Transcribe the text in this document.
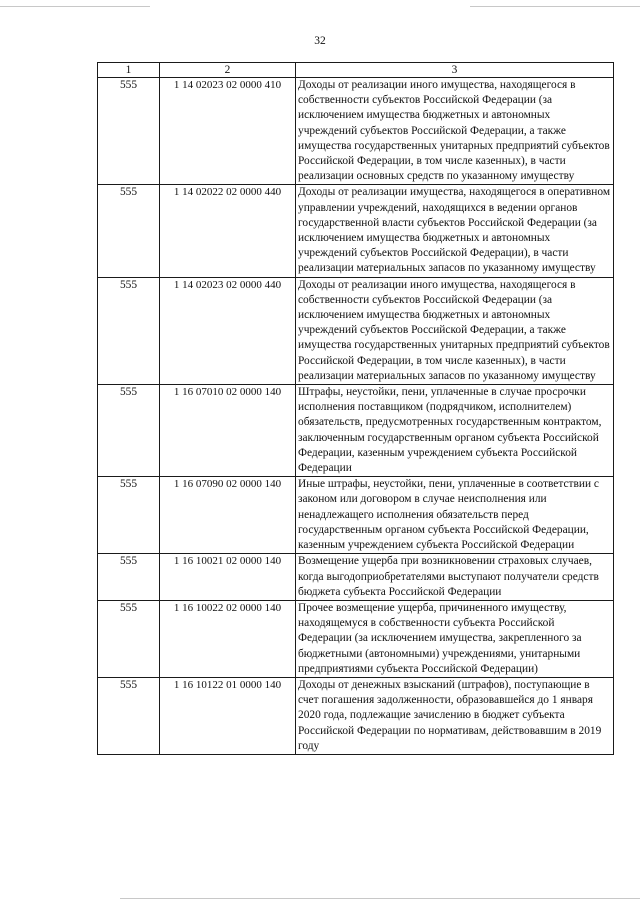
32
1	2	3
555	1 14 02023 02 0000 410	Доходы от реализации иного имущества, находящегося в собственности субъектов Российской Федерации (за исключением имущества бюджетных и автономных учреждений субъектов Российской Федерации, а также имущества государственных унитарных предприятий субъектов Российской Федерации, в том числе казенных), в части реализации основных средств по указанному имуществу
555	1 14 02022 02 0000 440	Доходы от реализации имущества, находящегося в оперативном управлении учреждений, находящихся в ведении органов государственной власти субъектов Российской Федерации (за исключением имущества бюджетных и автономных учреждений субъектов Российской Федерации), в части реализации материальных запасов по указанному имуществу
555	1 14 02023 02 0000 440	Доходы от реализации иного имущества, находящегося в собственности субъектов Российской Федерации (за исключением имущества бюджетных и автономных учреждений субъектов Российской Федерации, а также имущества государственных унитарных предприятий субъектов Российской Федерации, в том числе казенных), в части реализации материальных запасов по указанному имуществу
555	1 16 07010 02 0000 140	Штрафы, неустойки, пени, уплаченные в случае просрочки исполнения поставщиком (подрядчиком, исполнителем) обязательств, предусмотренных государственным контрактом, заключенным государственным органом субъекта Российской Федерации, казенным учреждением субъекта Российской Федерации
555	1 16 07090 02 0000 140	Иные штрафы, неустойки, пени, уплаченные в соответствии с законом или договором в случае неисполнения или ненадлежащего исполнения обязательств перед государственным органом субъекта Российской Федерации, казенным учреждением субъекта Российской Федерации
555	1 16 10021 02 0000 140	Возмещение ущерба при возникновении страховых случаев, когда выгодоприобретателями выступают получатели средств бюджета субъекта Российской Федерации
555	1 16 10022 02 0000 140	Прочее возмещение ущерба, причиненного имуществу, находящемуся в собственности субъекта Российской Федерации (за исключением имущества, закрепленного за бюджетными (автономными) учреждениями, унитарными предприятиями субъекта Российской Федерации)
555	1 16 10122 01 0000 140	Доходы от денежных взысканий (штрафов), поступающие в счет погашения задолженности, образовавшейся до 1 января 2020 года, подлежащие зачислению в бюджет субъекта Российской Федерации по нормативам, действовавшим в 2019 году
